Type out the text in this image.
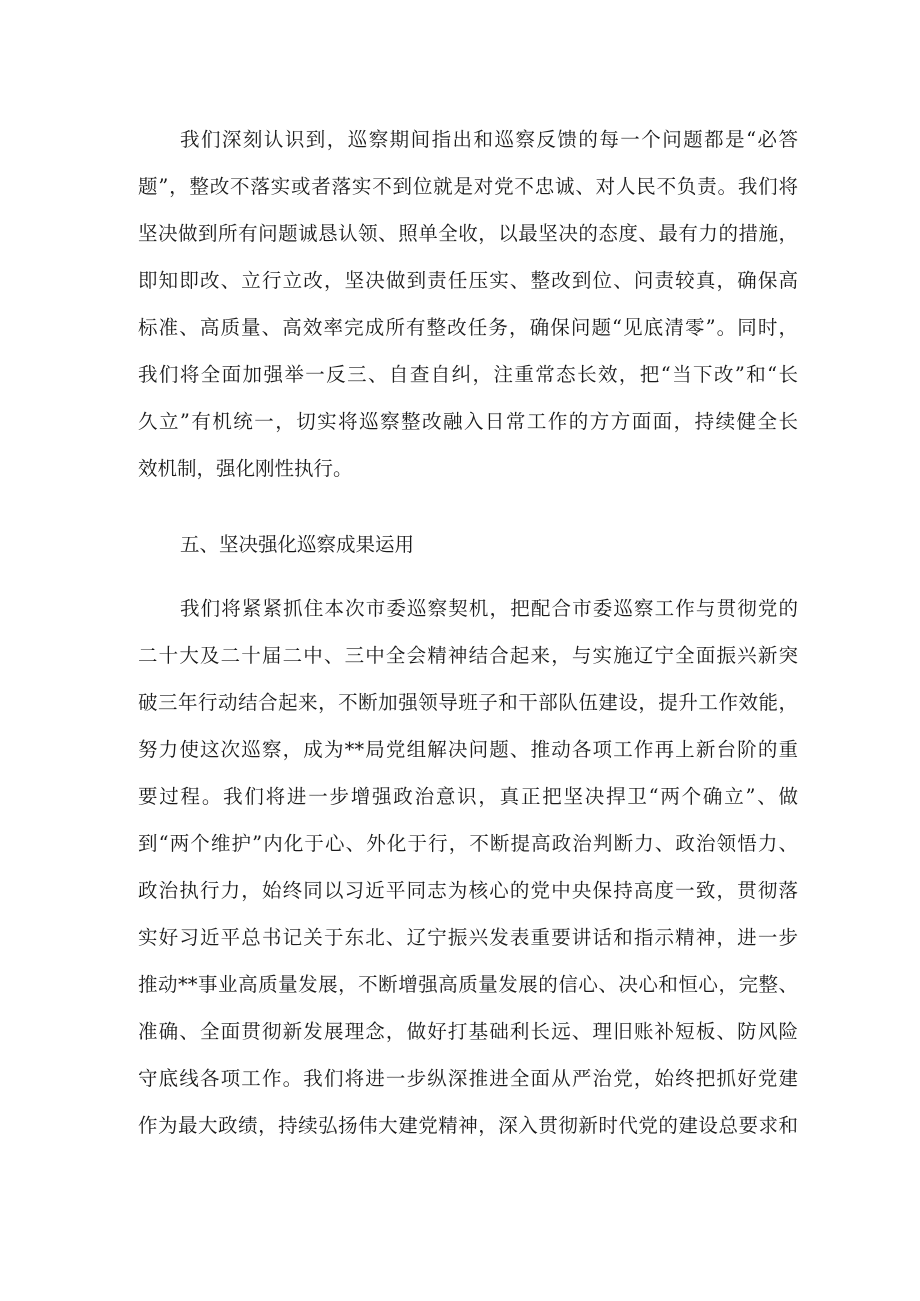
我们深刻认识到，巡察期间指出和巡察反馈的每一个问题都是“必答
题”，整改不落实或者落实不到位就是对党不忠诚、对人民不负责。我们将
坚决做到所有问题诚恳认领、照单全收，以最坚决的态度、最有力的措施，
即知即改、立行立改，坚决做到责任压实、整改到位、问责较真，确保高
标准、高质量、高效率完成所有整改任务，确保问题“见底清零”。同时，
我们将全面加强举一反三、自查自纠，注重常态长效，把“当下改”和“长
久立”有机统一，切实将巡察整改融入日常工作的方方面面，持续健全长
效机制，强化刚性执行。
五、坚决强化巡察成果运用
我们将紧紧抓住本次市委巡察契机，把配合市委巡察工作与贯彻党的
二十大及二十届二中、三中全会精神结合起来，与实施辽宁全面振兴新突
破三年行动结合起来，不断加强领导班子和干部队伍建设，提升工作效能，
努力使这次巡察，成为**局党组解决问题、推动各项工作再上新台阶的重
要过程。我们将进一步增强政治意识，真正把坚决捍卫“两个确立”、做
到“两个维护”内化于心、外化于行，不断提高政治判断力、政治领悟力、
政治执行力，始终同以习近平同志为核心的党中央保持高度一致，贯彻落
实好习近平总书记关于东北、辽宁振兴发表重要讲话和指示精神，进一步
推动**事业高质量发展，不断增强高质量发展的信心、决心和恒心，完整、
准确、全面贯彻新发展理念，做好打基础利长远、理旧账补短板、防风险
守底线各项工作。我们将进一步纵深推进全面从严治党，始终把抓好党建
作为最大政绩，持续弘扬伟大建党精神，深入贯彻新时代党的建设总要求和
